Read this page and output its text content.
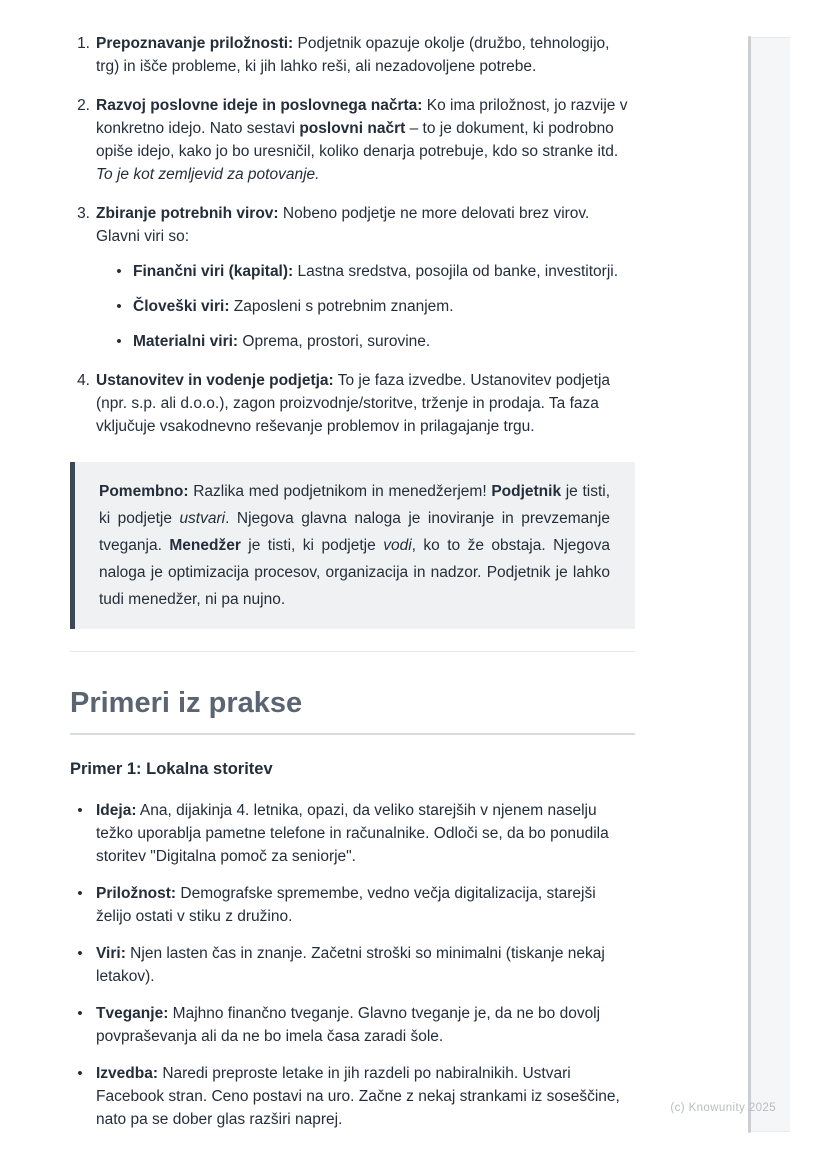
1. Prepoznavanje priložnosti: Podjetnik opazuje okolje (družbo, tehnologijo, trg) in išče probleme, ki jih lahko reši, ali nezadovoljene potrebe.
2. Razvoj poslovne ideje in poslovnega načrta: Ko ima priložnost, jo razvije v konkretno idejo. Nato sestavi poslovni načrt – to je dokument, ki podrobno opiše idejo, kako jo bo uresničil, koliko denarja potrebuje, kdo so stranke itd. To je kot zemljevid za potovanje.
3. Zbiranje potrebnih virov: Nobeno podjetje ne more delovati brez virov. Glavni viri so:
•
Finančni viri (kapital): Lastna sredstva, posojila od banke, investitorji.
•
Človeški viri: Zaposleni s potrebnim znanjem.
•
Materialni viri: Oprema, prostori, surovine.
4. Ustanovitev in vodenje podjetja: To je faza izvedbe. Ustanovitev podjetja (npr. s.p. ali d.o.o.), zagon proizvodnje/storitve, trženje in prodaja. Ta faza vključuje vsakodnevno reševanje problemov in prilagajanje trgu.
Pomembno: Razlika med podjetnikom in menedžerjem! Podjetnik je tisti, ki podjetje ustvari. Njegova glavna naloga je inoviranje in prevzemanje tveganja. Menedžer je tisti, ki podjetje vodi, ko to že obstaja. Njegova naloga je optimizacija procesov, organizacija in nadzor. Podjetnik je lahko tudi menedžer, ni pa nujno.
Primeri iz prakse
Primer 1: Lokalna storitev
•
Ideja: Ana, dijakinja 4. letnika, opazi, da veliko starejših v njenem naselju težko uporablja pametne telefone in računalnike. Odloči se, da bo ponudila storitev "Digitalna pomoč za seniorje".
•
Priložnost: Demografske spremembe, vedno večja digitalizacija, starejši želijo ostati v stiku z družino.
•
Viri: Njen lasten čas in znanje. Začetni stroški so minimalni (tiskanje nekaj letakov).
•
Tveganje: Majhno finančno tveganje. Glavno tveganje je, da ne bo dovolj povpraševanja ali da ne bo imela časa zaradi šole.
•
Izvedba: Naredi preproste letake in jih razdeli po nabiralnikih. Ustvari Facebook stran. Ceno postavi na uro. Začne z nekaj strankami iz soseščine, nato pa se dober glas razširi naprej.
(c) Knowunity 2025
